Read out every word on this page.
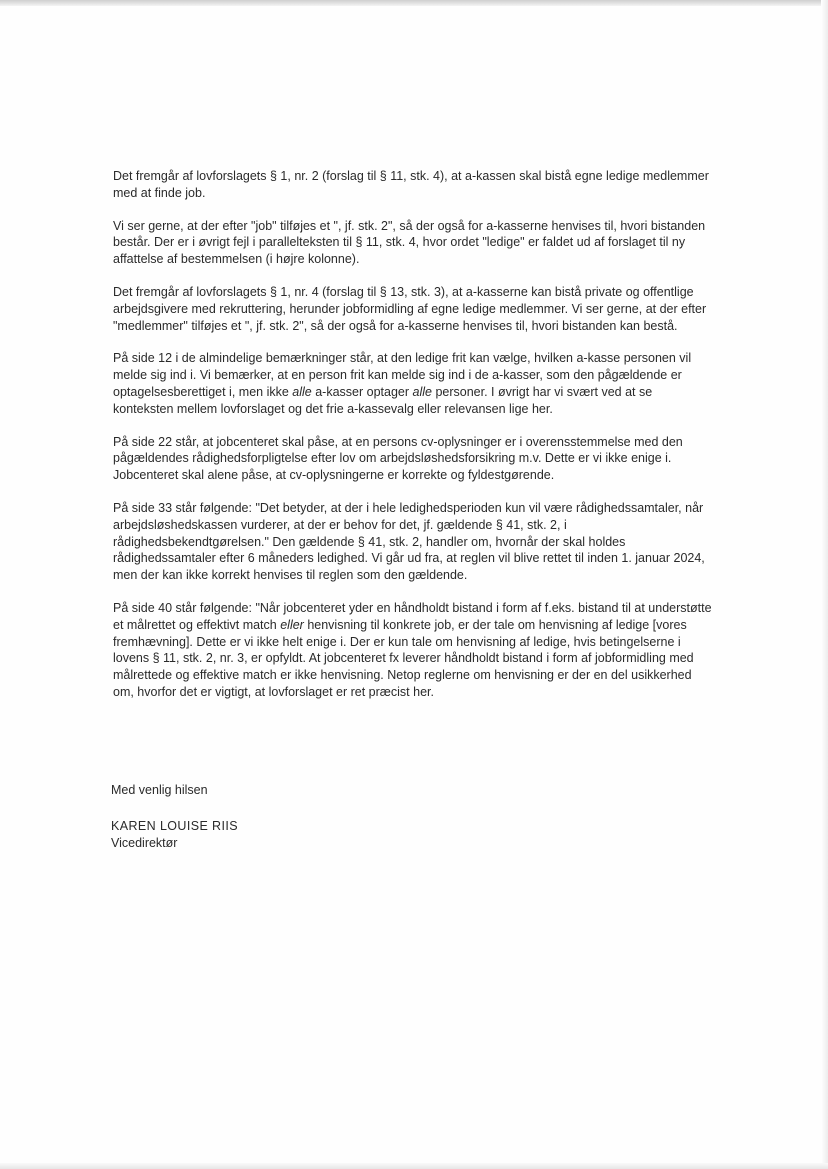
Det fremgår af lovforslagets § 1, nr. 2 (forslag til § 11, stk. 4), at a-kassen skal bistå egne ledige medlemmer med at finde job.

Vi ser gerne, at der efter "job" tilføjes et ", jf. stk. 2", så der også for a-kasserne henvises til, hvori bistanden består. Der er i øvrigt fejl i parallelteksten til § 11, stk. 4, hvor ordet "ledige" er faldet ud af forslaget til ny affattelse af bestemmelsen (i højre kolonne).

Det fremgår af lovforslagets § 1, nr. 4 (forslag til § 13, stk. 3), at a-kasserne kan bistå private og offentlige arbejdsgivere med rekruttering, herunder jobformidling af egne ledige medlemmer. Vi ser gerne, at der efter "medlemmer" tilføjes et ", jf. stk. 2", så der også for a-kasserne henvises til, hvori bistanden kan bestå.

På side 12 i de almindelige bemærkninger står, at den ledige frit kan vælge, hvilken a-kasse personen vil melde sig ind i. Vi bemærker, at en person frit kan melde sig ind i de a-kasser, som den pågældende er optagelsesberettiget i, men ikke alle a-kasser optager alle personer. I øvrigt har vi svært ved at se konteksten mellem lovforslaget og det frie a-kassevalg eller relevansen lige her.

På side 22 står, at jobcenteret skal påse, at en persons cv-oplysninger er i overensstemmelse med den pågældendes rådighedsforpligtelse efter lov om arbejdsløshedsforsikring m.v. Dette er vi ikke enige i. Jobcenteret skal alene påse, at cv-oplysningerne er korrekte og fyldestgørende.

På side 33 står følgende: "Det betyder, at der i hele ledighedsperioden kun vil være rådighedssamtaler, når arbejdsløshedskassen vurderer, at der er behov for det, jf. gældende § 41, stk. 2, i rådighedsbekendtgørelsen." Den gældende § 41, stk. 2, handler om, hvornår der skal holdes rådighedssamtaler efter 6 måneders ledighed. Vi går ud fra, at reglen vil blive rettet til inden 1. januar 2024, men der kan ikke korrekt henvises til reglen som den gældende.

På side 40 står følgende: "Når jobcenteret yder en håndholdt bistand i form af f.eks. bistand til at understøtte et målrettet og effektivt match eller henvisning til konkrete job, er der tale om henvisning af ledige [vores fremhævning]. Dette er vi ikke helt enige i. Der er kun tale om henvisning af ledige, hvis betingelserne i lovens § 11, stk. 2, nr. 3, er opfyldt. At jobcenteret fx leverer håndholdt bistand i form af jobformidling med målrettede og effektive match er ikke henvisning. Netop reglerne om henvisning er der en del usikkerhed om, hvorfor det er vigtigt, at lovforslaget er ret præcist her.

Med venlig hilsen

KAREN LOUISE RIIS

Vicedirektør
